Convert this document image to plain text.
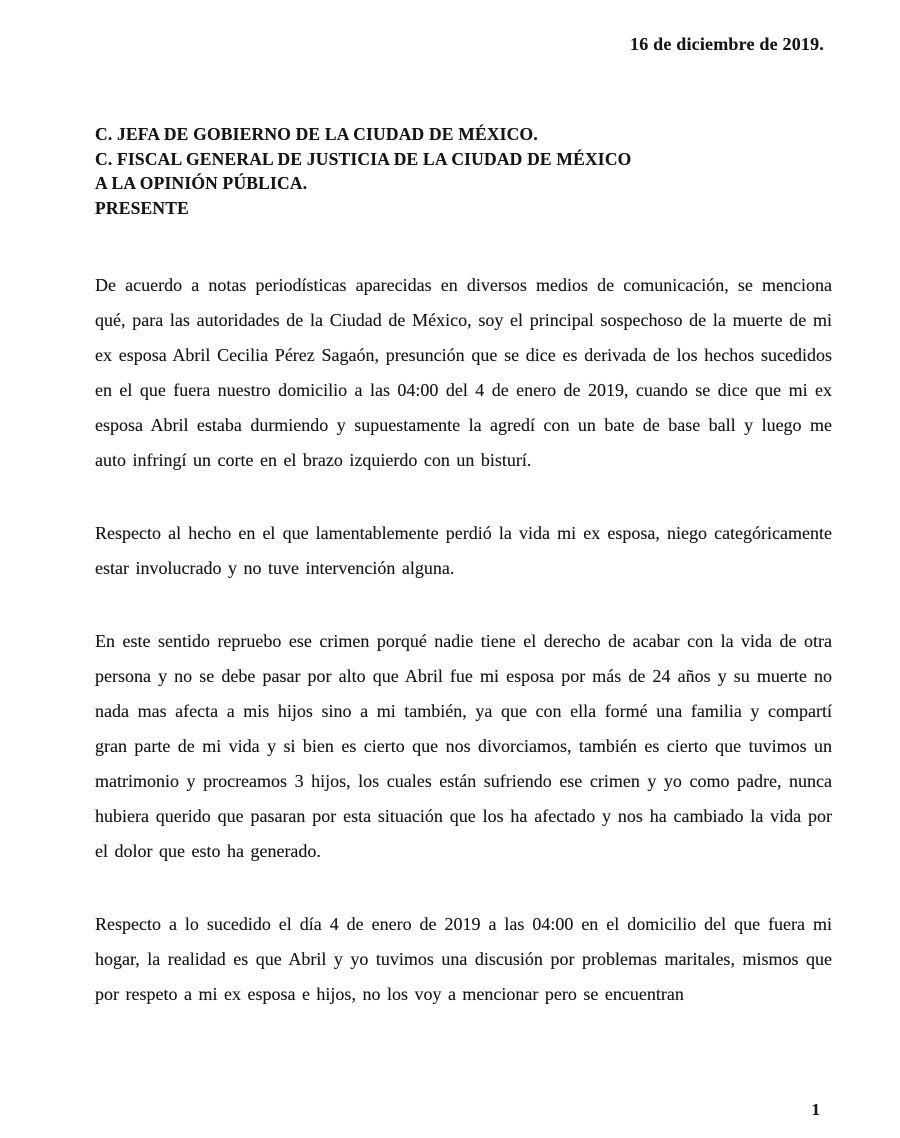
16 de diciembre de 2019.
C. JEFA DE GOBIERNO DE LA CIUDAD DE MÉXICO.
C. FISCAL GENERAL DE JUSTICIA DE LA CIUDAD DE MÉXICO
A LA OPINIÓN PÚBLICA.
PRESENTE

De acuerdo a notas periodísticas aparecidas en diversos medios de comunicación, se menciona qué, para las autoridades de la Ciudad de México, soy el principal sospechoso de la muerte de mi ex esposa Abril Cecilia Pérez Sagaón, presunción que se dice es derivada de los hechos sucedidos en el que fuera nuestro domicilio a las 04:00 del 4 de enero de 2019, cuando se dice que mi ex esposa Abril estaba durmiendo y supuestamente la agredí con un bate de base ball y luego me auto infringí un corte en el brazo izquierdo con un bisturí.

Respecto al hecho en el que lamentablemente perdió la vida mi ex esposa, niego categóricamente estar involucrado y no tuve intervención alguna.

En este sentido repruebo ese crimen porqué nadie tiene el derecho de acabar con la vida de otra persona y no se debe pasar por alto que Abril fue mi esposa por más de 24 años y su muerte no nada mas afecta a mis hijos sino a mi también, ya que con ella formé una familia y compartí gran parte de mi vida y si bien es cierto que nos divorciamos, también es cierto que tuvimos un matrimonio y procreamos 3 hijos, los cuales están sufriendo ese crimen y yo como padre, nunca hubiera querido que pasaran por esta situación que los ha afectado y nos ha cambiado la vida por el dolor que esto ha generado.

Respecto a lo sucedido el día 4 de enero de 2019 a las 04:00 en el domicilio del que fuera mi hogar, la realidad es que Abril y yo tuvimos una discusión por problemas maritales, mismos que por respeto a mi ex esposa e hijos, no los voy a mencionar pero se encuentran

1
